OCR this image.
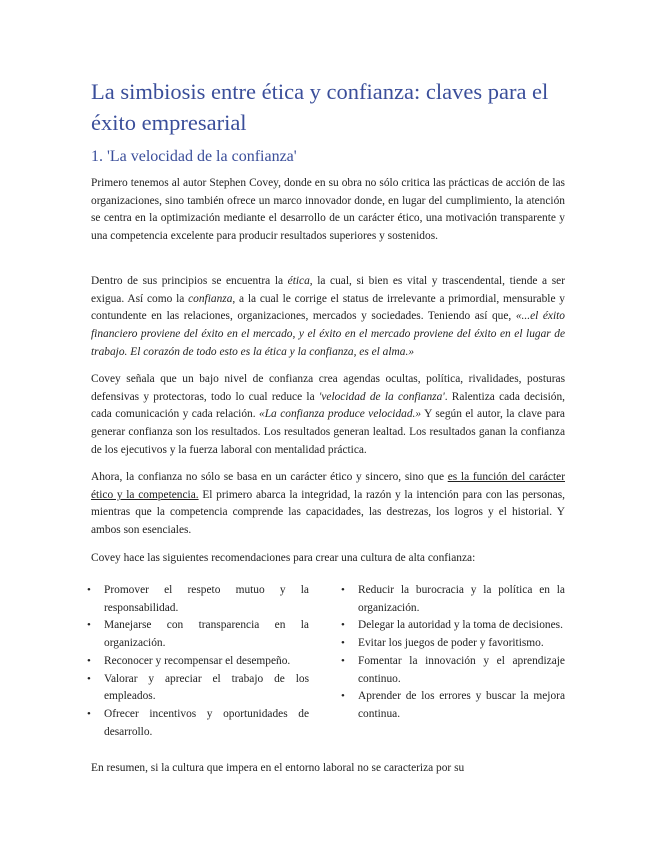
La simbiosis entre ética y confianza: claves para el éxito empresarial
1. 'La velocidad de la confianza'

Primero tenemos al autor Stephen Covey, donde en su obra no sólo critica las prácticas de acción de las organizaciones, sino también ofrece un marco innovador donde, en lugar del cumplimiento, la atención se centra en la optimización mediante el desarrollo de un carácter ético, una motivación transparente y una competencia excelente para producir resultados superiores y sostenidos.

Dentro de sus principios se encuentra la ética, la cual, si bien es vital y trascendental, tiende a ser exigua. Así como la confianza, a la cual le corrige el status de irrelevante a primordial, mensurable y contundente en las relaciones, organizaciones, mercados y sociedades. Teniendo así que, «...el éxito financiero proviene del éxito en el mercado, y el éxito en el mercado proviene del éxito en el lugar de trabajo. El corazón de todo esto es la ética y la confianza, es el alma.»

Covey señala que un bajo nivel de confianza crea agendas ocultas, política, rivalidades, posturas defensivas y protectoras, todo lo cual reduce la 'velocidad de la confianza'. Ralentiza cada decisión, cada comunicación y cada relación. «La confianza produce velocidad.» Y según el autor, la clave para generar confianza son los resultados. Los resultados generan lealtad. Los resultados ganan la confianza de los ejecutivos y la fuerza laboral con mentalidad práctica.

Ahora, la confianza no sólo se basa en un carácter ético y sincero, sino que es la función del carácter ético y la competencia. El primero abarca la integridad, la razón y la intención para con las personas, mientras que la competencia comprende las capacidades, las destrezas, los logros y el historial. Y ambos son esenciales.

Covey hace las siguientes recomendaciones para crear una cultura de alta confianza:

• Promover el respeto mutuo y la responsabilidad.
• Manejarse con transparencia en la organización.
• Reconocer y recompensar el desempeño.
• Valorar y apreciar el trabajo de los empleados.
• Ofrecer incentivos y oportunidades de desarrollo.
• Reducir la burocracia y la política en la organización.
• Delegar la autoridad y la toma de decisiones.
• Evitar los juegos de poder y favoritismo.
• Fomentar la innovación y el aprendizaje continuo.
• Aprender de los errores y buscar la mejora continua.

En resumen, si la cultura que impera en el entorno laboral no se caracteriza por su
